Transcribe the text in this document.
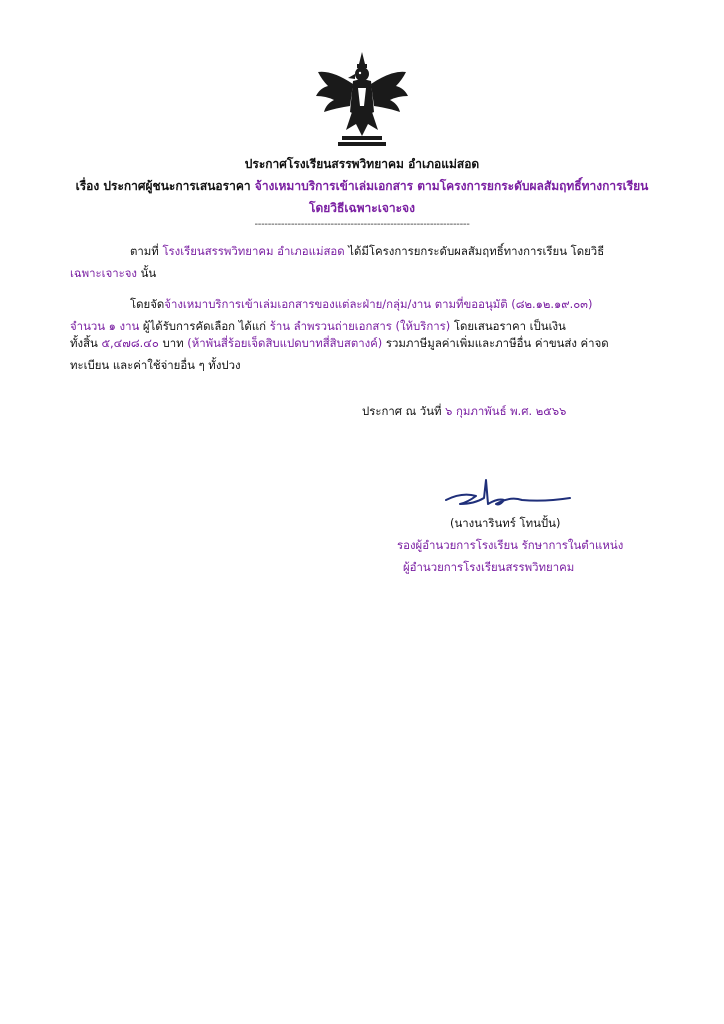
ประกาศโรงเรียนสรรพวิทยาคม อำเภอแม่สอด
เรื่อง ประกาศผู้ชนะการเสนอราคา จ้างเหมาบริการเข้าเล่มเอกสาร ตามโครงการยกระดับผลสัมฤทธิ์ทางการเรียน
โดยวิธีเฉพาะเจาะจง
-----------------------------------------------------------------
ตามที่ โรงเรียนสรรพวิทยาคม อำเภอแม่สอด ได้มีโครงการยกระดับผลสัมฤทธิ์ทางการเรียน โดยวิธี
เฉพาะเจาะจง นั้น
โดยจัดจ้างเหมาบริการเข้าเล่มเอกสารของแต่ละฝ่าย/กลุ่ม/งาน ตามที่ขออนุมัติ (๘๒.๑๒.๑๙.๐๓)
จำนวน ๑ งาน ผู้ได้รับการคัดเลือก ได้แก่ ร้าน ลำพรวนถ่ายเอกสาร (ให้บริการ) โดยเสนอราคา เป็นเงิน
ทั้งสิ้น ๕,๔๗๘.๔๐ บาท (ห้าพันสี่ร้อยเจ็ดสิบแปดบาทสี่สิบสตางค์) รวมภาษีมูลค่าเพิ่มและภาษีอื่น ค่าขนส่ง ค่าจด
ทะเบียน และค่าใช้จ่ายอื่น ๆ ทั้งปวง
ประกาศ ณ วันที่ ๖ กุมภาพันธ์ พ.ศ. ๒๕๖๖
(นางนารินทร์ โทนปั้น)
รองผู้อำนวยการโรงเรียน รักษาการในตำแหน่ง
ผู้อำนวยการโรงเรียนสรรพวิทยาคม
